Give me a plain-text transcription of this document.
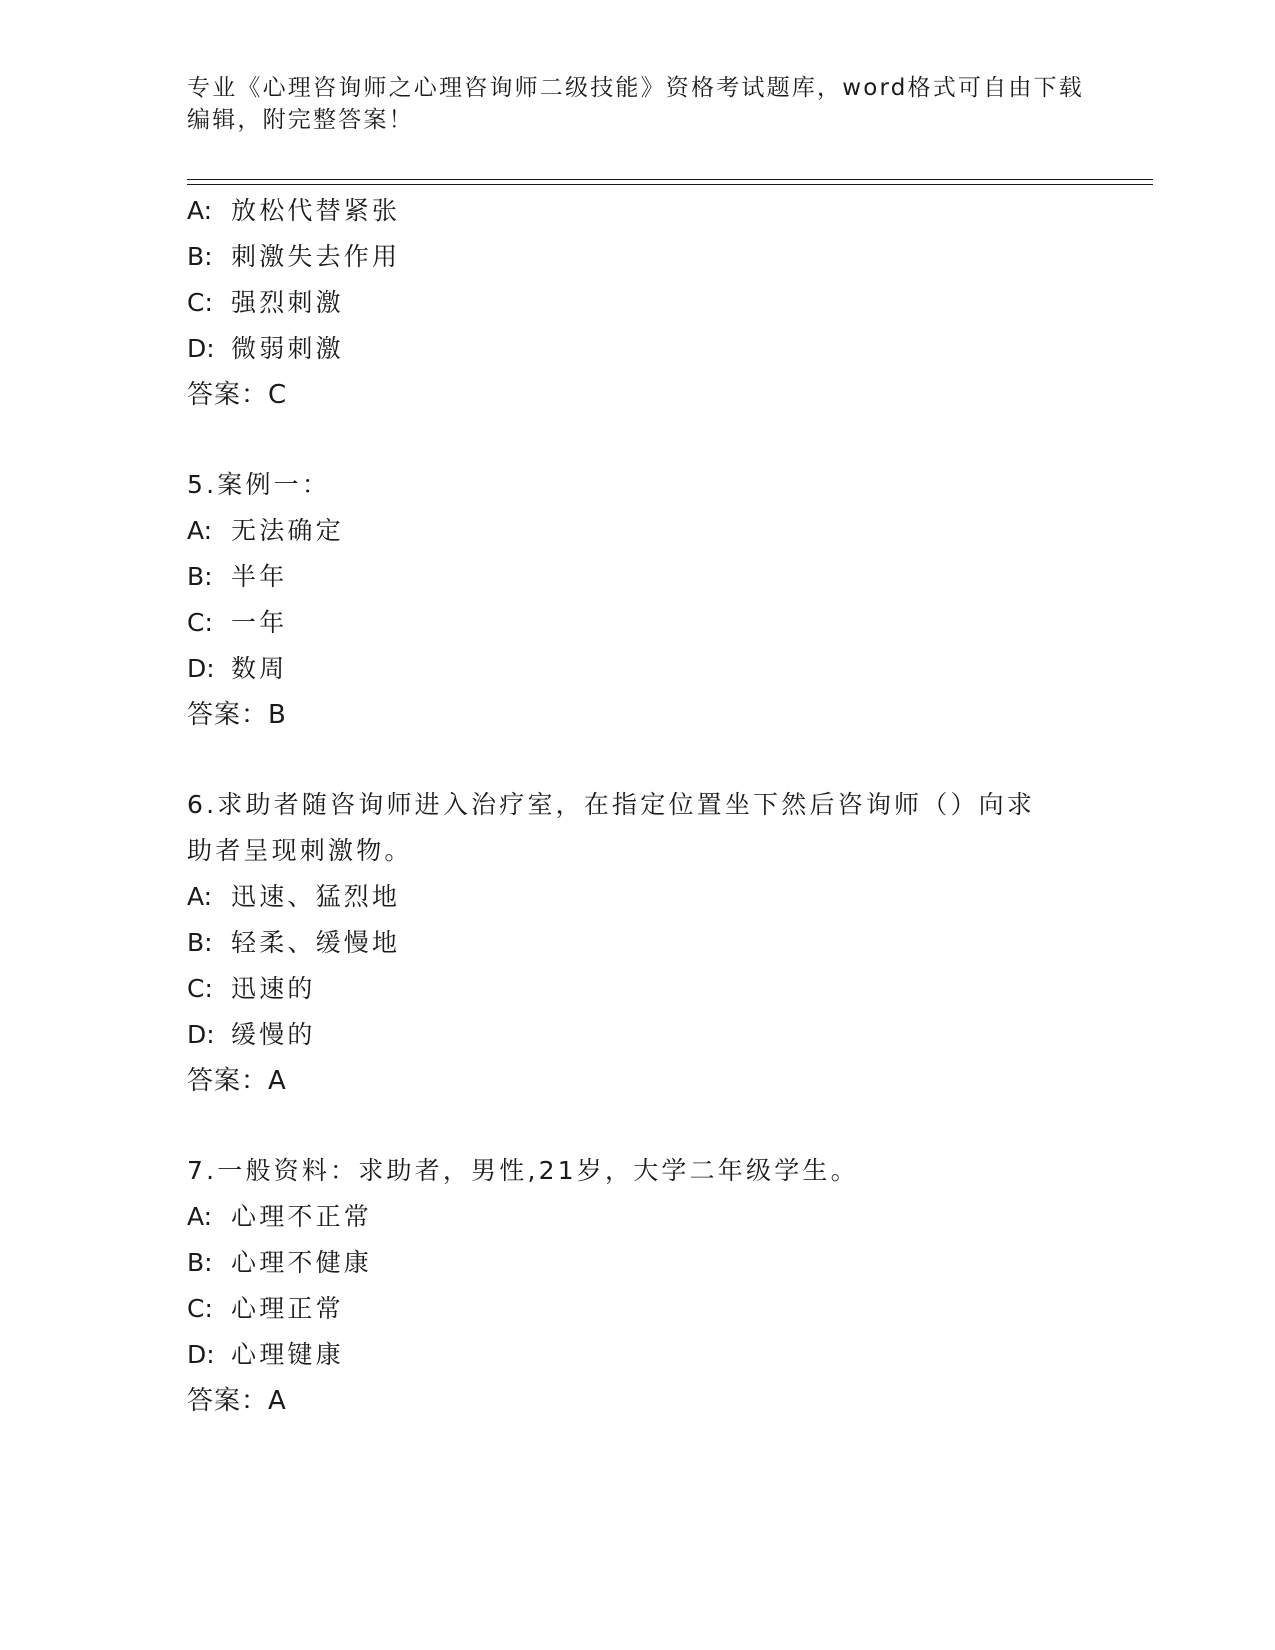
专业《心理咨询师之心理咨询师二级技能》资格考试题库，word格式可自由下载
编辑，附完整答案！
A: 放松代替紧张
B: 刺激失去作用
C: 强烈刺激
D: 微弱刺激
答案：C
5.案例一：
A: 无法确定
B: 半年
C: 一年
D: 数周
答案：B
6.求助者随咨询师进入治疗室，在指定位置坐下然后咨询师（）向求
助者呈现刺激物。
A: 迅速、猛烈地
B: 轻柔、缓慢地
C: 迅速的
D: 缓慢的
答案：A
7.一般资料：求助者，男性,21岁，大学二年级学生。
A: 心理不正常
B: 心理不健康
C: 心理正常
D: 心理键康
答案：A
